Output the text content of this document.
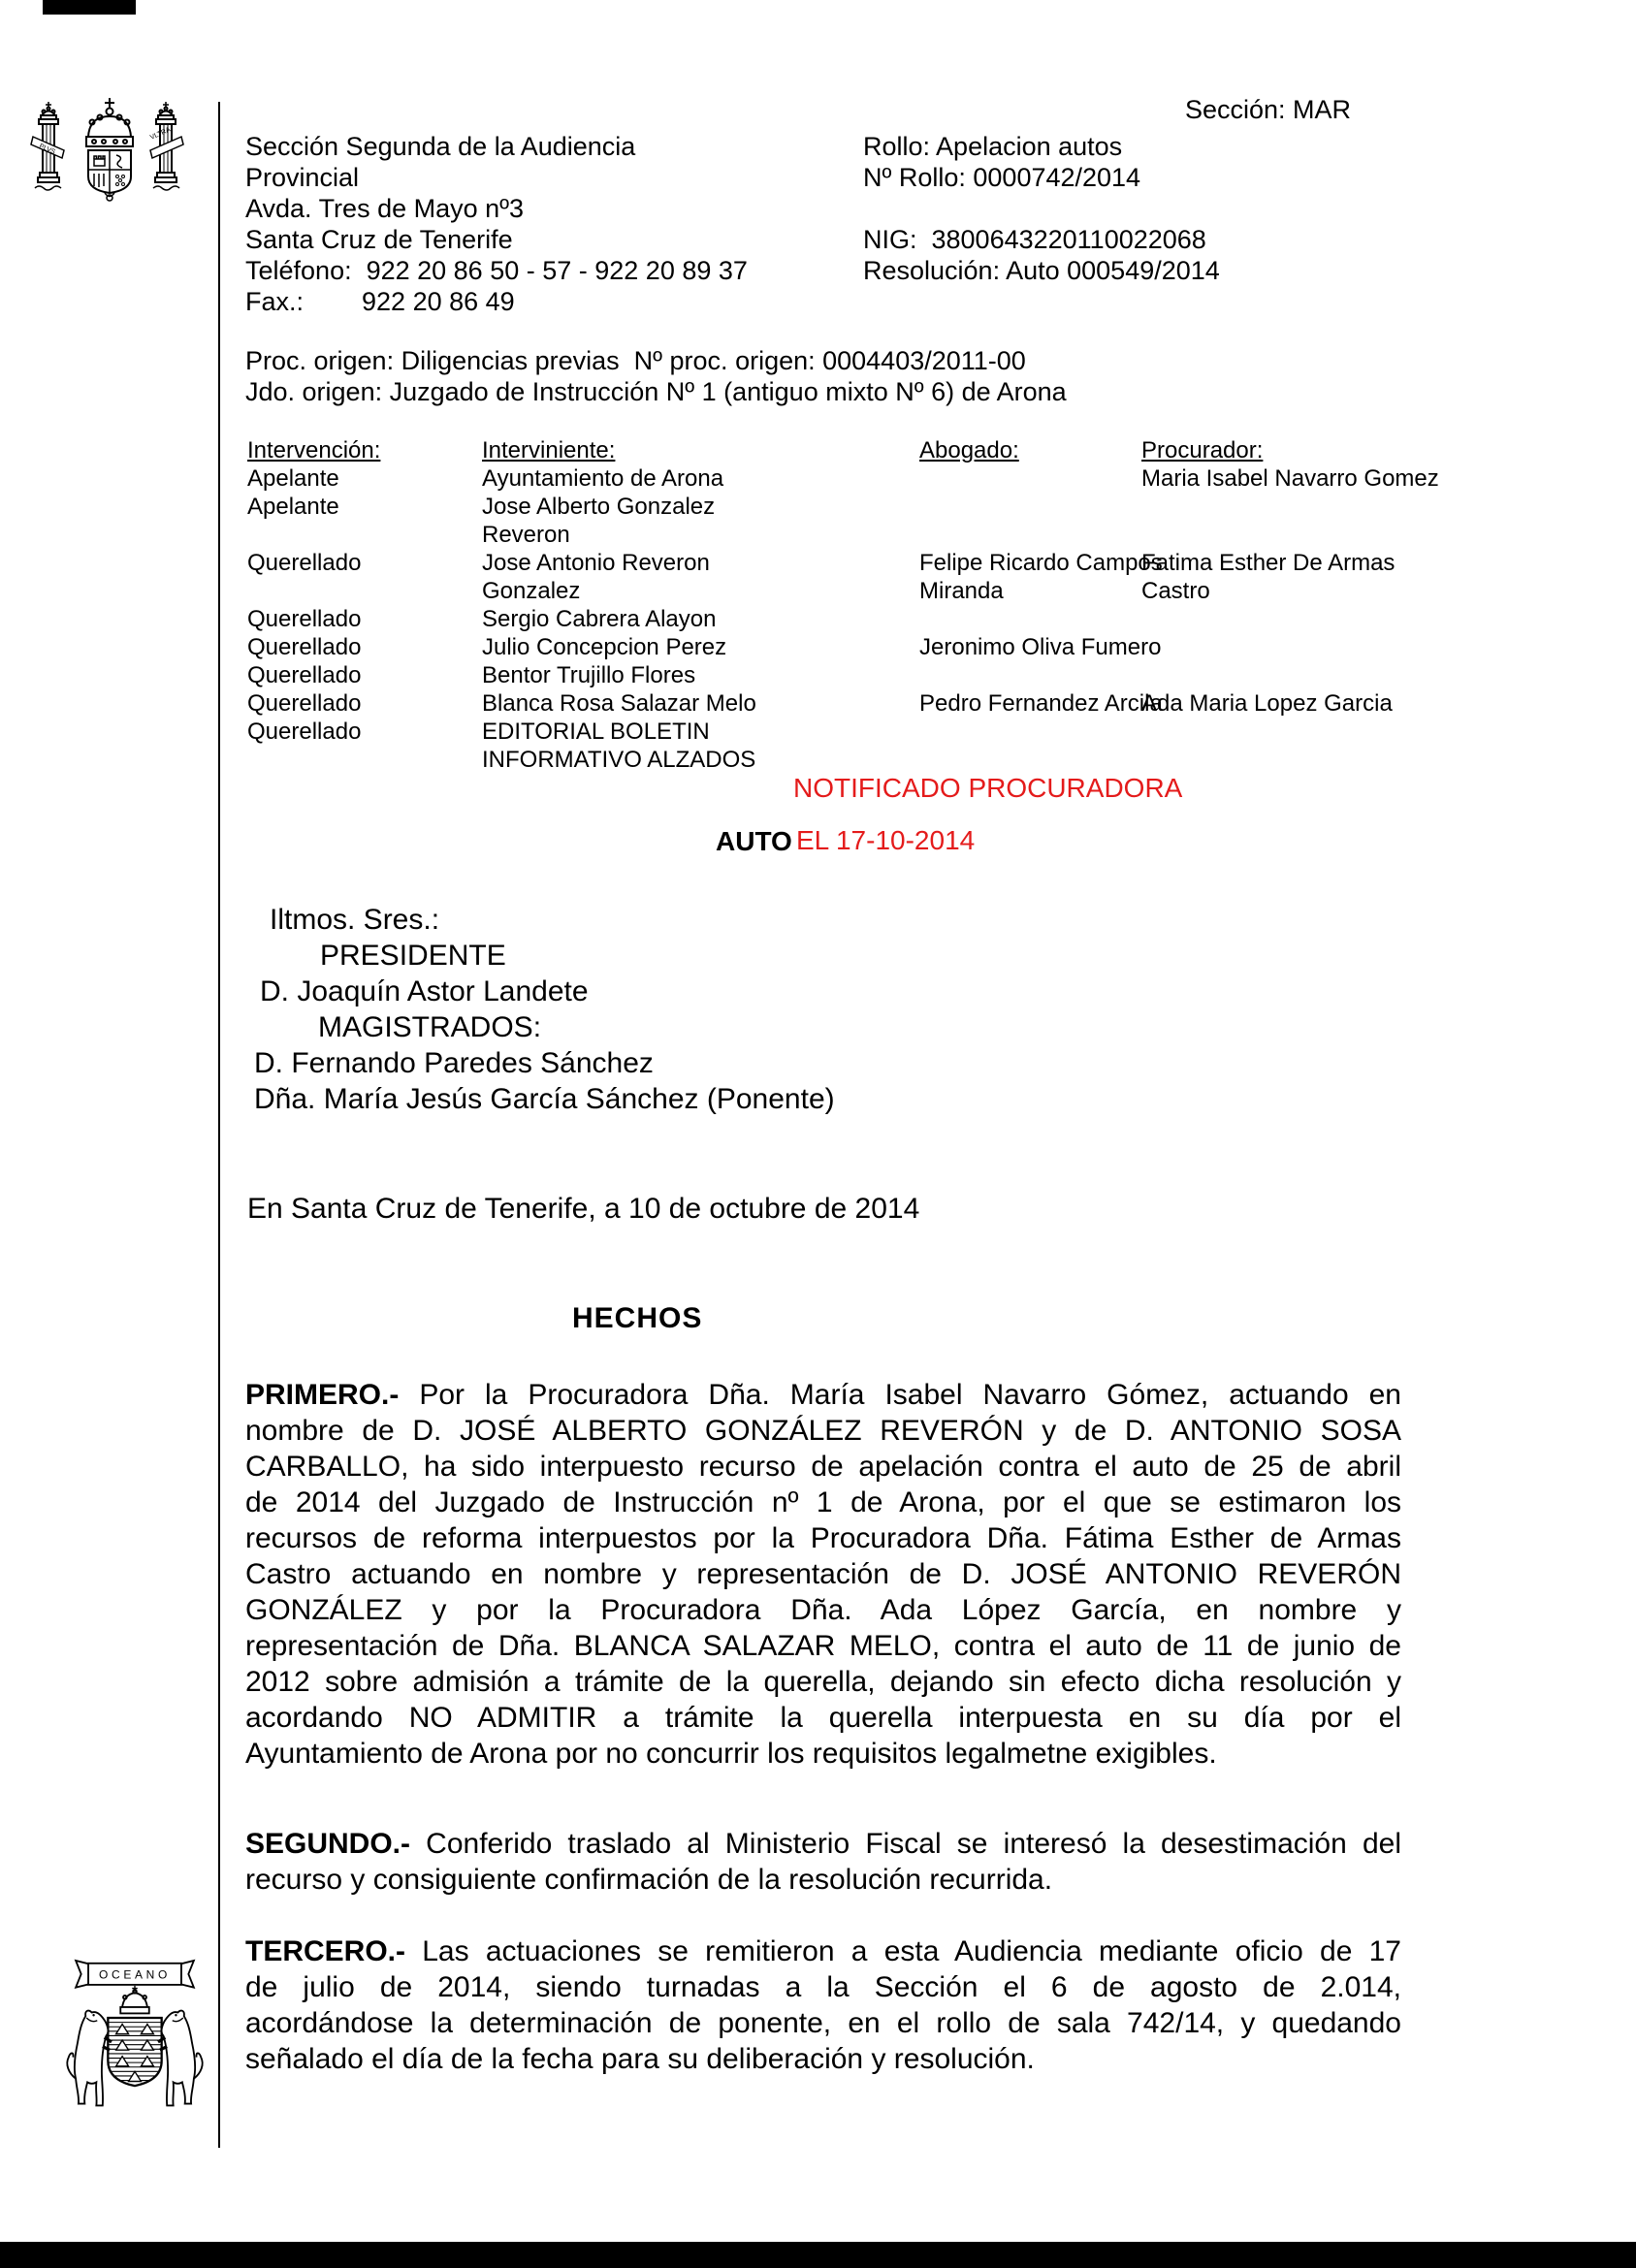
PLVS
VLTRA
Sección: MAR
Sección Segunda de la Audiencia
Provincial
Avda. Tres de Mayo nº3
Santa Cruz de Tenerife
Teléfono:  922 20 86 50 - 57 - 922 20 89 37
Fax.:        922 20 86 49
Rollo: Apelacion autos
Nº Rollo: 0000742/2014

NIG:  3800643220110022068
Resolución: Auto 000549/2014
Proc. origen: Diligencias previas  Nº proc. origen: 0004403/2011-00
Jdo. origen: Juzgado de Instrucción Nº 1 (antiguo mixto Nº 6) de Arona
Intervención:
Apelante
Apelante

Querellado

Querellado
Querellado
Querellado
Querellado
Querellado

Interviniente:
Ayuntamiento de Arona
Jose Alberto Gonzalez
Reveron
Jose Antonio Reveron
Gonzalez
Sergio Cabrera Alayon
Julio Concepcion Perez
Bentor Trujillo Flores
Blanca Rosa Salazar Melo
EDITORIAL BOLETIN
INFORMATIVO ALZADOS
Abogado:

Felipe Ricardo Campos
Miranda

Jeronimo Oliva Fumero

Pedro Fernandez Arcila

Procurador:
Maria Isabel Navarro Gomez

Fatima Esther De Armas
Castro

Ada Maria Lopez Garcia

NOTIFICADO PROCURADORA
AUTO EL 17-10-2014
Iltmos. Sres.:
PRESIDENTE
D. Joaquín Astor Landete
MAGISTRADOS:
D. Fernando Paredes Sánchez
Dña. María Jesús García Sánchez (Ponente)
En Santa Cruz de Tenerife, a 10 de octubre de 2014
HECHOS
PRIMERO.- Por la Procuradora Dña. María Isabel Navarro Gómez, actuando en
nombre de D. JOSÉ ALBERTO GONZÁLEZ REVERÓN y de D. ANTONIO SOSA
CARBALLO, ha sido interpuesto recurso de apelación contra el auto de 25 de abril
de 2014 del Juzgado de Instrucción nº 1 de Arona, por el que se estimaron los
recursos de reforma interpuestos por la Procuradora Dña. Fátima Esther de Armas
Castro actuando en nombre y representación de D. JOSÉ ANTONIO REVERÓN
GONZÁLEZ y por la Procuradora Dña. Ada López García, en nombre y
representación de Dña. BLANCA SALAZAR MELO, contra el auto de 11 de junio de
2012 sobre admisión a trámite de la querella, dejando sin efecto dicha resolución y
acordando NO ADMITIR a trámite la querella interpuesta en su día por el
Ayuntamiento de Arona por no concurrir los requisitos legalmetne exigibles.
SEGUNDO.- Conferido traslado al Ministerio Fiscal se interesó la desestimación del
recurso y consiguiente confirmación de la resolución recurrida.
TERCERO.- Las actuaciones se remitieron a esta Audiencia mediante oficio de 17
de julio de 2014, siendo turnadas a la Sección el 6 de agosto de 2.014,
acordándose la determinación de ponente, en el rollo de sala 742/14, y quedando
señalado el día de la fecha para su deliberación y resolución.
OCEANO
